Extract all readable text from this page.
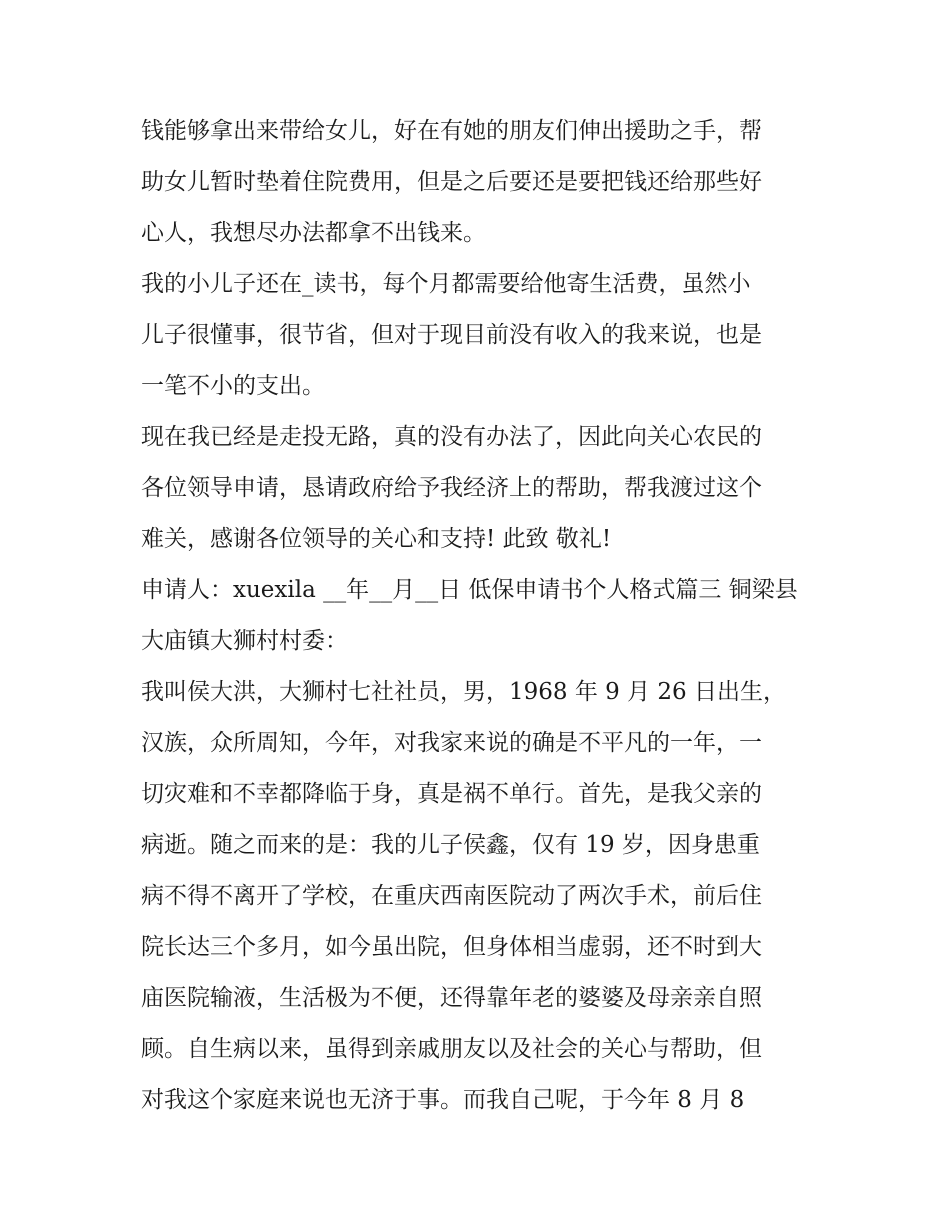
钱能够拿出来带给女儿，好在有她的朋友们伸出援助之手，帮
助女儿暂时垫着住院费用，但是之后要还是要把钱还给那些好
心人，我想尽办法都拿不出钱来。
我的小儿子还在_读书，每个月都需要给他寄生活费，虽然小
儿子很懂事，很节省，但对于现目前没有收入的我来说，也是
一笔不小的支出。
现在我已经是走投无路，真的没有办法了，因此向关心农民的
各位领导申请，恳请政府给予我经济上的帮助，帮我渡过这个
难关，感谢各位领导的关心和支持! 此致 敬礼!
申请人：xuexila __年__月__日 低保申请书个人格式篇三 铜梁县
大庙镇大狮村村委：
我叫侯大洪，大狮村七社社员，男，1968 年 9 月 26 日出生，
汉族，众所周知，今年，对我家来说的确是不平凡的一年，一
切灾难和不幸都降临于身，真是祸不单行。首先，是我父亲的
病逝。随之而来的是：我的儿子侯鑫，仅有 19 岁，因身患重
病不得不离开了学校，在重庆西南医院动了两次手术，前后住
院长达三个多月，如今虽出院，但身体相当虚弱，还不时到大
庙医院输液，生活极为不便，还得靠年老的婆婆及母亲亲自照
顾。自生病以来，虽得到亲戚朋友以及社会的关心与帮助，但
对我这个家庭来说也无济于事。而我自己呢，于今年 8 月 8
